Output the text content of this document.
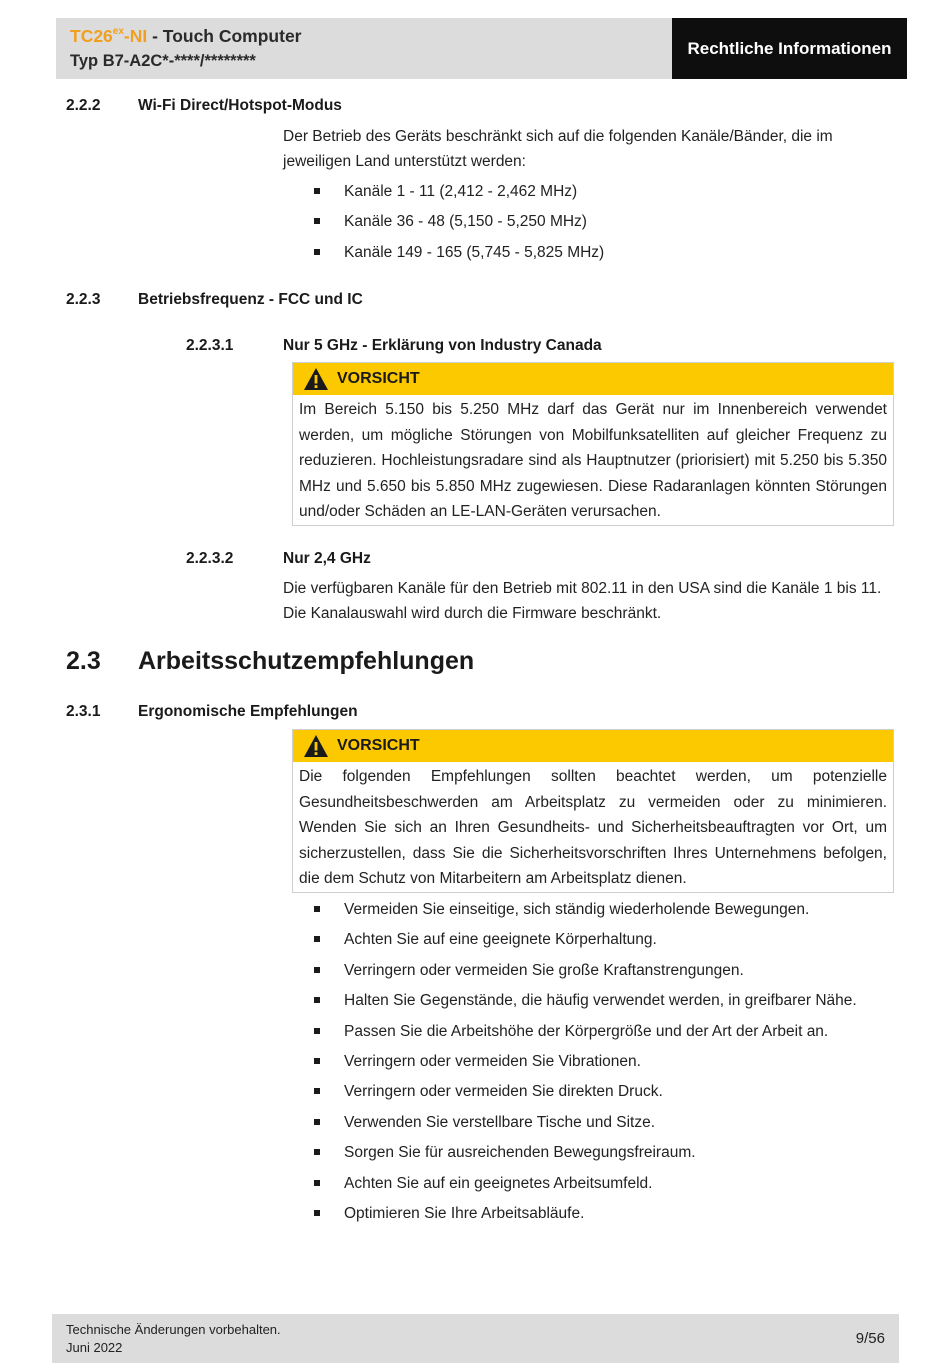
$TC26^{ex}-NI$ - Touch Computer
Typ B7-A2C*-****/********
Rechtliche Informationen
2.2.2 Wi-Fi Direct/Hotspot-Modus
Der Betrieb des Geräts beschränkt sich auf die folgenden Kanäle/Bänder, die im jeweiligen Land unterstützt werden:
Kanäle 1 - 11 (2,412 - 2,462 MHz)
Kanäle 36 - 48 (5,150 - 5,250 MHz)
Kanäle 149 - 165 (5,745 - 5,825 MHz)
2.2.3 Betriebsfrequenz - FCC und IC
2.2.3.1	Nur 5 GHz - Erklärung von Industry Canada
VORSICHT
Im Bereich 5.150 bis 5.250 MHz darf das Gerät nur im Innenbereich verwendet werden, um mögliche Störungen von Mobilfunksatelliten auf gleicher Frequenz zu reduzieren. Hochleistungsradare sind als Hauptnutzer (priorisiert) mit 5.250 bis 5.350 MHz und 5.650 bis 5.850 MHz zugewiesen. Diese Radaranlagen könnten Störungen und/oder Schäden an LE-LAN-Geräten verursachen.
2.2.3.2	Nur 2,4 GHz
Die verfügbaren Kanäle für den Betrieb mit 802.11 in den USA sind die Kanäle 1 bis 11. Die Kanalauswahl wird durch die Firmware beschränkt.
2.3 Arbeitsschutzempfehlungen
2.3.1 Ergonomische Empfehlungen
VORSICHT
Die folgenden Empfehlungen sollten beachtet werden, um potenzielle Gesundheitsbeschwerden am Arbeitsplatz zu vermeiden oder zu minimieren. Wenden Sie sich an Ihren Gesundheits- und Sicherheitsbeauftragten vor Ort, um sicherzustellen, dass Sie die Sicherheitsvorschriften Ihres Unternehmens befolgen, die dem Schutz von Mitarbeitern am Arbeitsplatz dienen.
Vermeiden Sie einseitige, sich ständig wiederholende Bewegungen.
Achten Sie auf eine geeignete Körperhaltung.
Verringern oder vermeiden Sie große Kraftanstrengungen.
Halten Sie Gegenstände, die häufig verwendet werden, in greifbarer Nähe.
Passen Sie die Arbeitshöhe der Körpergröße und der Art der Arbeit an.
Verringern oder vermeiden Sie Vibrationen.
Verringern oder vermeiden Sie direkten Druck.
Verwenden Sie verstellbare Tische und Sitze.
Sorgen Sie für ausreichenden Bewegungsfreiraum.
Achten Sie auf ein geeignetes Arbeitsumfeld.
Optimieren Sie Ihre Arbeitsabläufe.
Technische Änderungen vorbehalten.
Juni 2022
9/56
